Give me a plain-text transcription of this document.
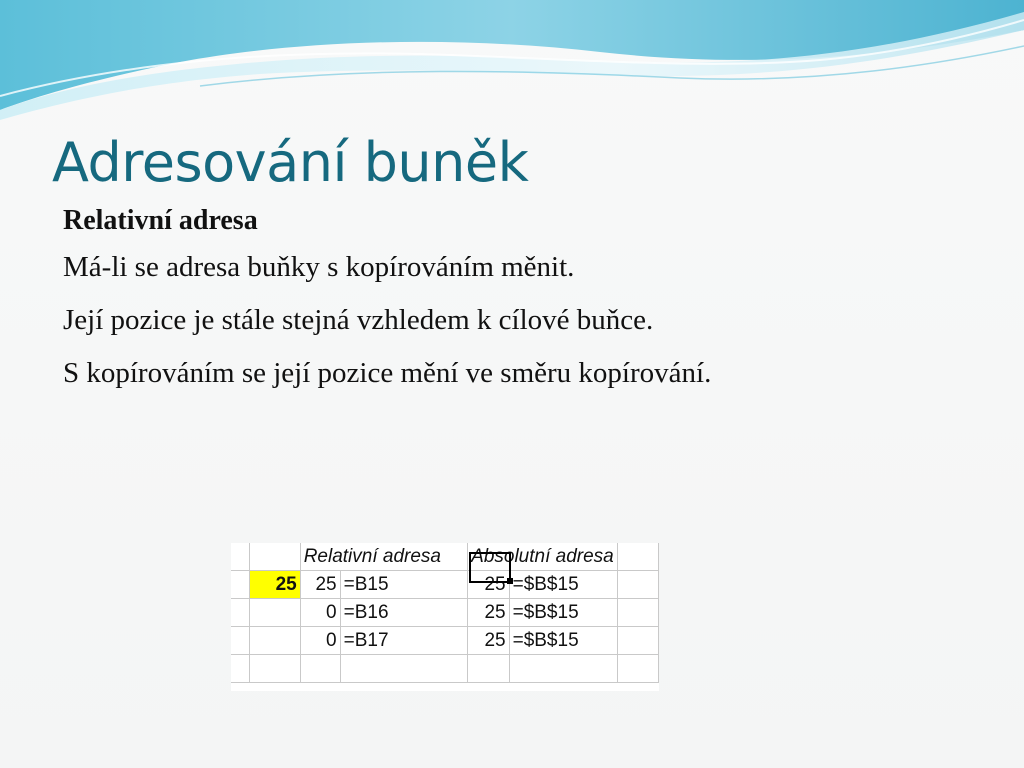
Adresování buněk
Relativní adresa
Má-li se adresa buňky s kopírováním měnit.
Její pozice je stále stejná vzhledem k cílové buňce.
S kopírováním se její pozice mění ve směru kopírování.
		Relativní adresa		Absolutní adresa		
	25	25	=B15	25	=$B$15	
		0	=B16	25	=$B$15	
		0	=B17	25	=$B$15	
